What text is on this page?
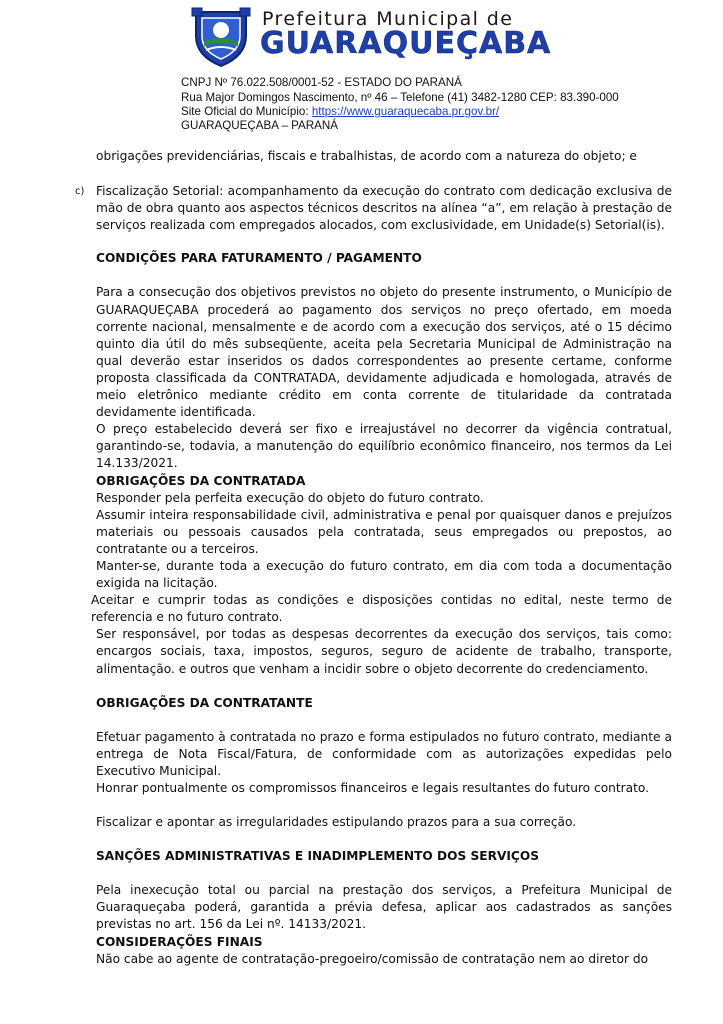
Prefeitura Municipal de
GUARAQUEÇABA
CNPJ Nº 76.022.508/0001-52 - ESTADO DO PARANÁ
Rua Major Domingos Nascimento, nº 46 – Telefone (41) 3482-1280 CEP: 83.390-000
Site Oficial do Município: https://www.guaraquecaba.pr.gov.br/
GUARAQUEÇABA – PARANÁ

obrigações previdenciárias, fiscais e trabalhistas, de acordo com a natureza do objeto; e

c) Fiscalização Setorial: acompanhamento da execução do contrato com dedicação exclusiva de mão de obra quanto aos aspectos técnicos descritos na alínea “a”, em relação à prestação de serviços realizada com empregados alocados, com exclusividade, em Unidade(s) Setorial(is).

CONDIÇÕES PARA FATURAMENTO / PAGAMENTO

Para a consecução dos objetivos previstos no objeto do presente instrumento, o Município de GUARAQUEÇABA procederá ao pagamento dos serviços no preço ofertado, em moeda corrente nacional, mensalmente e de acordo com a execução dos serviços, até o 15 décimo quinto dia útil do mês subseqüente, aceita pela Secretaria Municipal de Administração na qual deverão estar inseridos os dados correspondentes ao presente certame, conforme proposta classificada da CONTRATADA, devidamente adjudicada e homologada, através de meio eletrônico mediante crédito em conta corrente de titularidade da contratada devidamente identificada.

O preço estabelecido deverá ser fixo e irreajustável no decorrer da vigência contratual, garantindo-se, todavia, a manutenção do equilíbrio econômico financeiro, nos termos da Lei 14.133/2021.

OBRIGAÇÕES DA CONTRATADA

Responder pela perfeita execução do objeto do futuro contrato.

Assumir inteira responsabilidade civil, administrativa e penal por quaisquer danos e prejuízos materiais ou pessoais causados pela contratada, seus empregados ou prepostos, ao contratante ou a terceiros.

Manter-se, durante toda a execução do futuro contrato, em dia com toda a documentação exigida na licitação.

Aceitar e cumprir todas as condições e disposições contidas no edital, neste termo de referencia e no futuro contrato.

Ser responsável, por todas as despesas decorrentes da execução dos serviços, tais como: encargos sociais, taxa, impostos, seguros, seguro de acidente de trabalho, transporte, alimentação. e outros que venham a incidir sobre o objeto decorrente do credenciamento.

OBRIGAÇÕES DA CONTRATANTE

Efetuar pagamento à contratada no prazo e forma estipulados no futuro contrato, mediante a entrega de Nota Fiscal/Fatura, de conformidade com as autorizações expedidas pelo Executivo Municipal.

Honrar pontualmente os compromissos financeiros e legais resultantes do futuro contrato.

Fiscalizar e apontar as irregularidades estipulando prazos para a sua correção.

SANÇÕES ADMINISTRATIVAS E INADIMPLEMENTO DOS SERVIÇOS

Pela inexecução total ou parcial na prestação dos serviços, a Prefeitura Municipal de Guaraqueçaba poderá, garantida a prévia defesa, aplicar aos cadastrados as sanções previstas no art. 156 da Lei nº. 14133/2021.

CONSIDERAÇÕES FINAIS

Não cabe ao agente de contratação-pregoeiro/comissão de contratação nem ao diretor do
